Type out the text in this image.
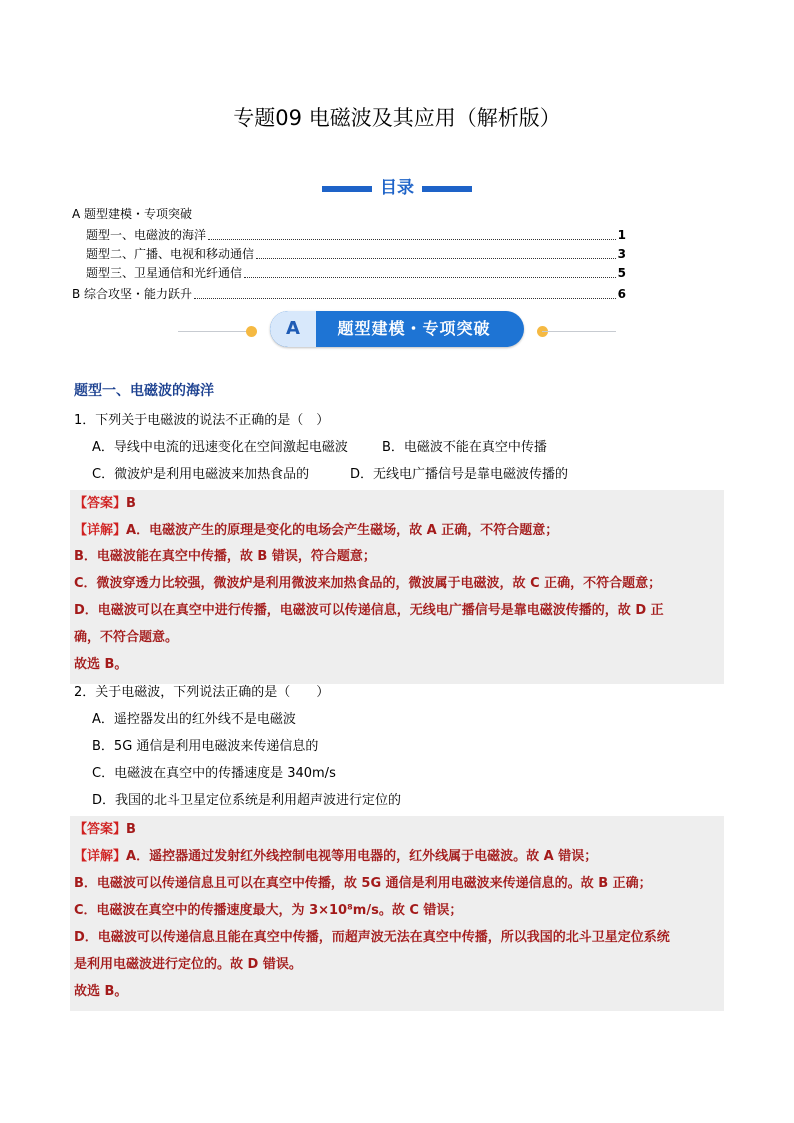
专题09 电磁波及其应用（解析版）
目录
A 题型建模・专项突破
题型一、电磁波的海洋	1
题型二、广播、电视和移动通信	3
题型三、卫星通信和光纤通信	5
B 综合攻坚・能力跃升	6
A	题型建模・专项突破
题型一、电磁波的海洋
1．下列关于电磁波的说法不正确的是（　）
A．导线中电流的迅速变化在空间激起电磁波	B．电磁波不能在真空中传播
C．微波炉是利用电磁波来加热食品的	D．无线电广播信号是靠电磁波传播的
【答案】B
【详解】A．电磁波产生的原理是变化的电场会产生磁场，故 A 正确，不符合题意；
B．电磁波能在真空中传播，故 B 错误，符合题意；
C．微波穿透力比较强，微波炉是利用微波来加热食品的，微波属于电磁波，故 C 正确，不符合题意；
D．电磁波可以在真空中进行传播，电磁波可以传递信息，无线电广播信号是靠电磁波传播的，故 D 正
确，不符合题意。
故选 B。
2．关于电磁波，下列说法正确的是（　　）
A．遥控器发出的红外线不是电磁波
B．5G 通信是利用电磁波来传递信息的
C．电磁波在真空中的传播速度是 340m/s
D．我国的北斗卫星定位系统是利用超声波进行定位的
【答案】B
【详解】A．遥控器通过发射红外线控制电视等用电器的，红外线属于电磁波。故 A 错误；
B．电磁波可以传递信息且可以在真空中传播，故 5G 通信是利用电磁波来传递信息的。故 B 正确；
C．电磁波在真空中的传播速度最大，为 3×10⁸m/s。故 C 错误；
D．电磁波可以传递信息且能在真空中传播，而超声波无法在真空中传播，所以我国的北斗卫星定位系统
是利用电磁波进行定位的。故 D 错误。
故选 B。
